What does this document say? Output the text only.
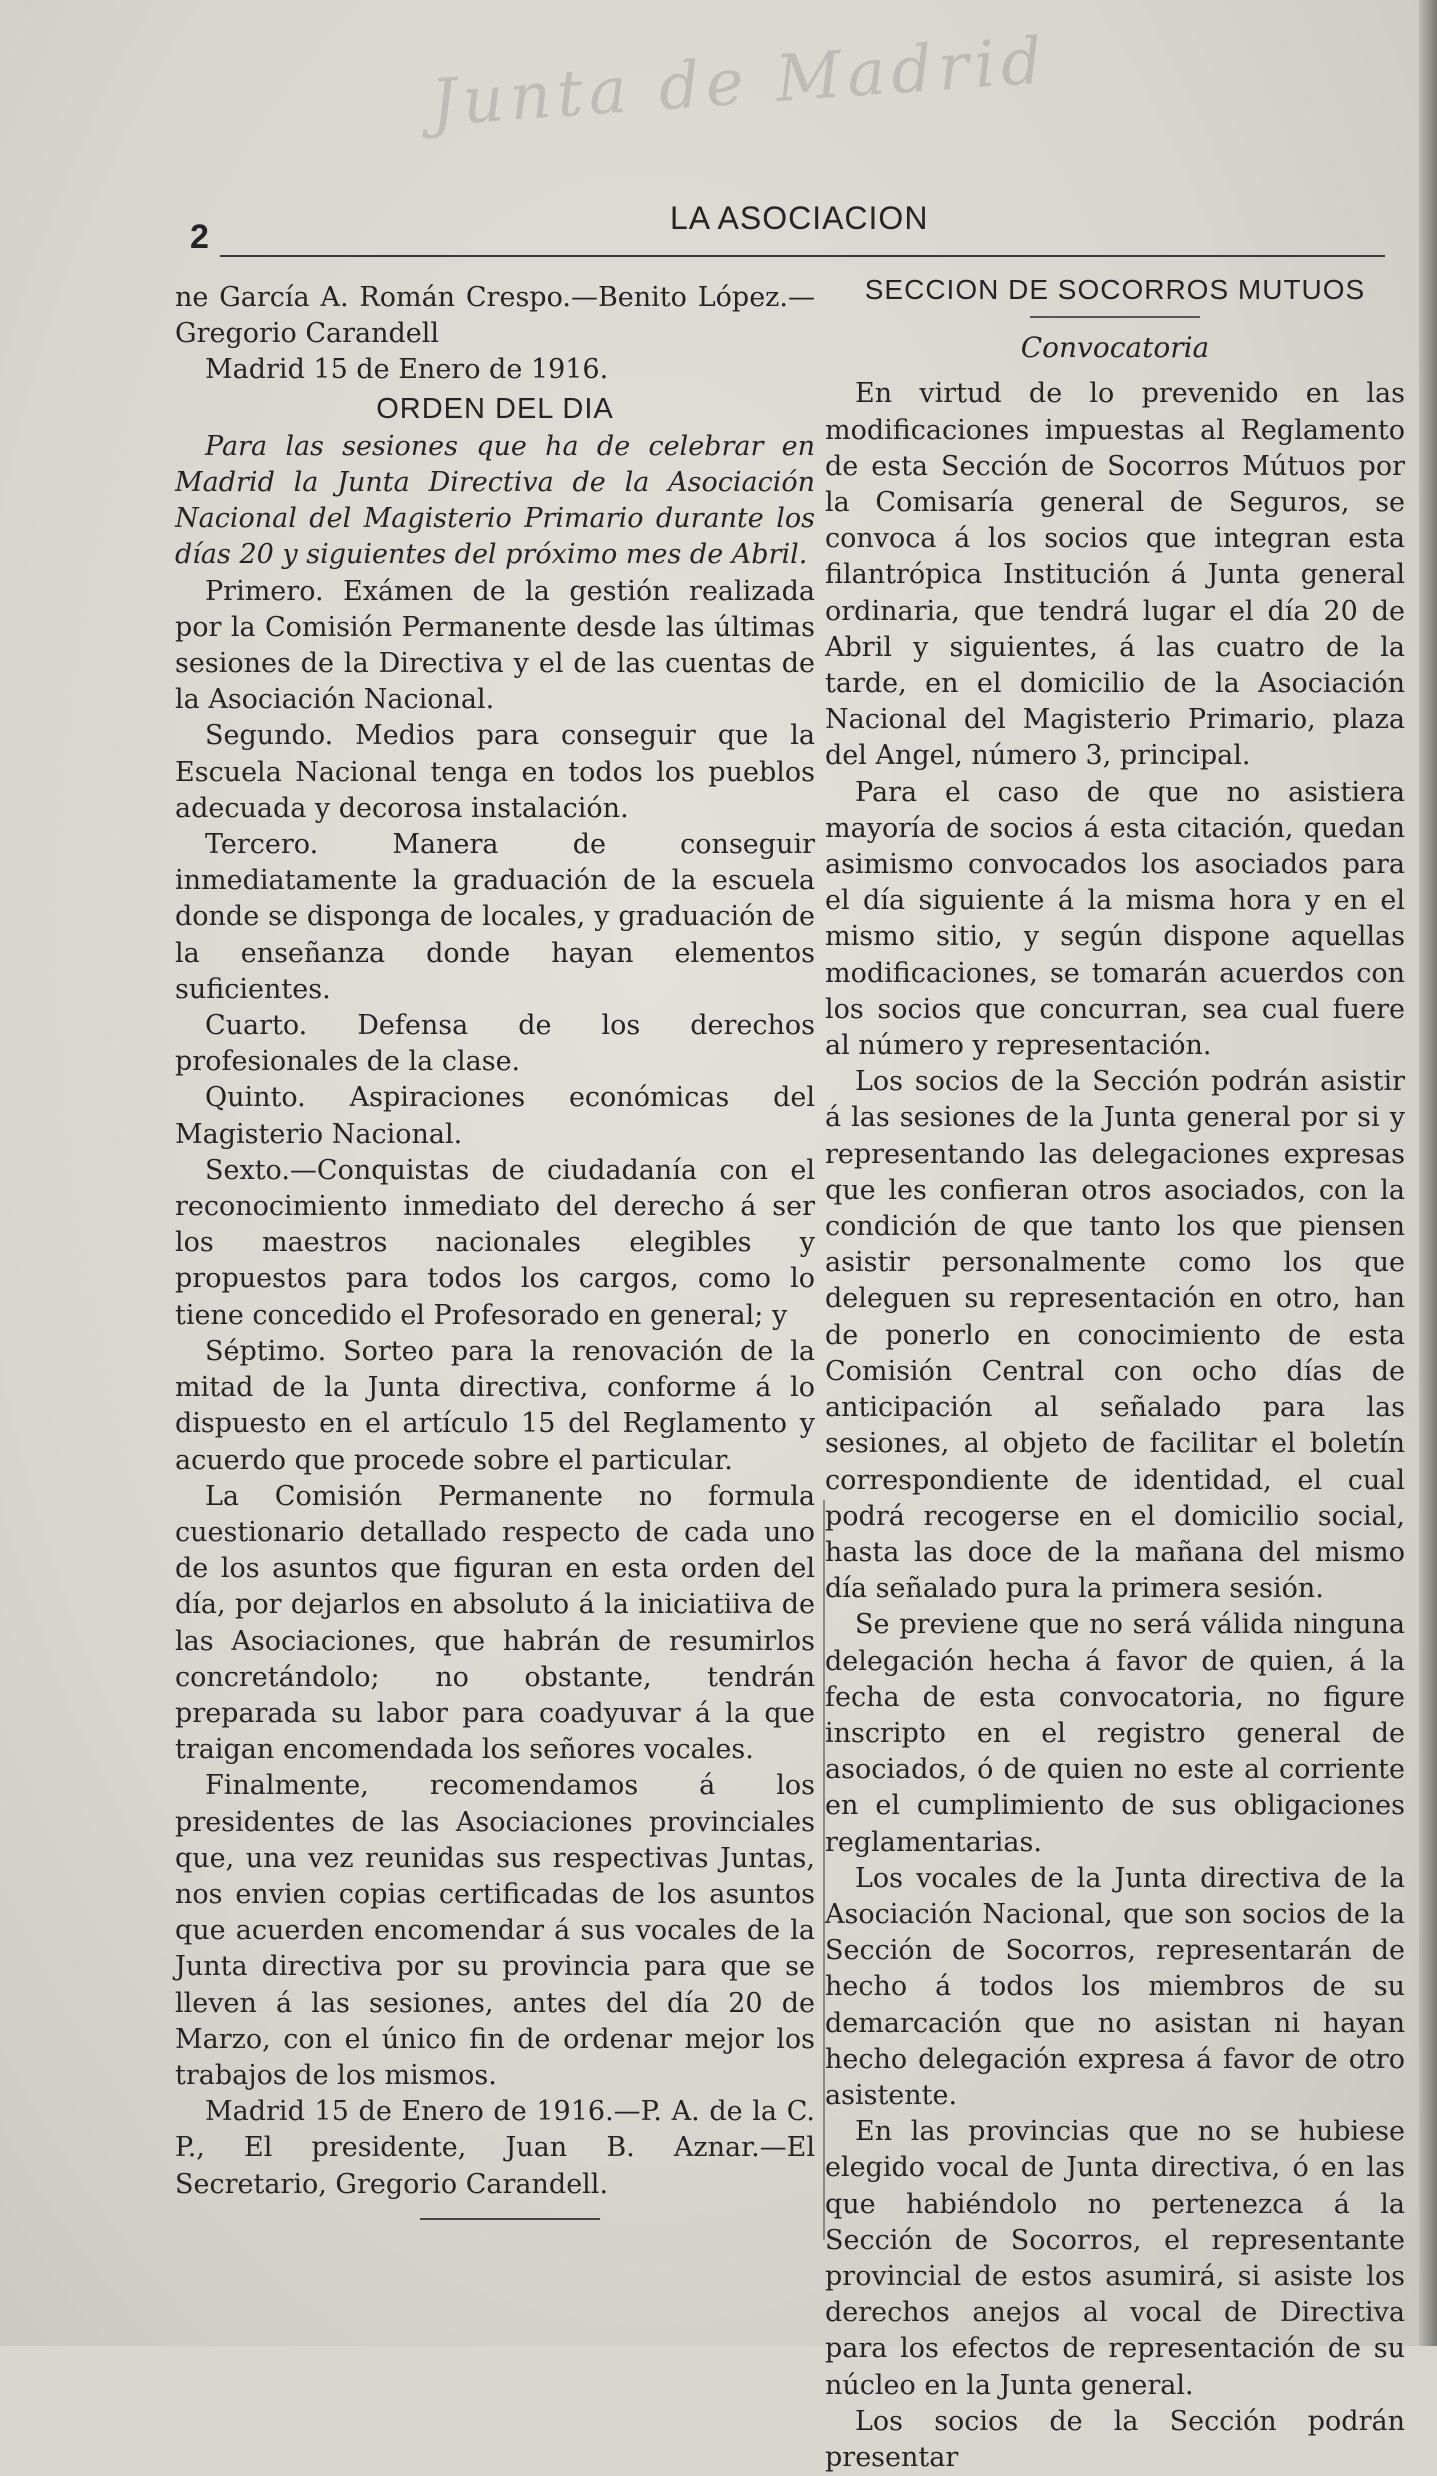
Junta de Madrid
2	LA ASOCIACION

ne García A. Román Crespo.—Benito López.—Gregorio Carandell

Madrid 15 de Enero de 1916.

ORDEN DEL DIA

Para las sesiones que ha de celebrar en Madrid la Junta Directiva de la Asociación Nacional del Magisterio Primario durante los días 20 y siguientes del próximo mes de Abril.

Primero. Exámen de la gestión realizada por la Comisión Permanente desde las últimas sesiones de la Directiva y el de las cuentas de la Asociación Nacional.

Segundo. Medios para conseguir que la Escuela Nacional tenga en todos los pueblos adecuada y decorosa instalación.

Tercero. Manera de conseguir inmediatamente la graduación de la escuela donde se disponga de locales, y graduación de la enseñanza donde hayan elementos suficientes.

Cuarto. Defensa de los derechos profesionales de la clase.

Quinto. Aspiraciones económicas del Magisterio Nacional.

Sexto.—Conquistas de ciudadanía con el reconocimiento inmediato del derecho á ser los maestros nacionales elegibles y propuestos para todos los cargos, como lo tiene concedido el Profesorado en general; y

Séptimo. Sorteo para la renovación de la mitad de la Junta directiva, conforme á lo dispuesto en el artículo 15 del Reglamento y acuerdo que procede sobre el particular.

La Comisión Permanente no formula cuestionario detallado respecto de cada uno de los asuntos que figuran en esta orden del día, por dejarlos en absoluto á la iniciatiiva de las Asociaciones, que habrán de resumirlos concretándolo; no obstante, tendrán preparada su labor para coadyuvar á la que traigan encomendada los señores vocales.

Finalmente, recomendamos á los presidentes de las Asociaciones provinciales que, una vez reunidas sus respectivas Juntas, nos envien copias certificadas de los asuntos que acuerden encomendar á sus vocales de la Junta directiva por su provincia para que se lleven á las sesiones, antes del día 20 de Marzo, con el único fin de ordenar mejor los trabajos de los mismos.

Madrid 15 de Enero de 1916.—P. A. de la C. P., El presidente, Juan B. Aznar.—El Secretario, Gregorio Carandell.

SECCION DE SOCORROS MUTUOS

Convocatoria

En virtud de lo prevenido en las modificaciones impuestas al Reglamento de esta Sección de Socorros Mútuos por la Comisaría general de Seguros, se convoca á los socios que integran esta filantrópica Institución á Junta general ordinaria, que tendrá lugar el día 20 de Abril y siguientes, á las cuatro de la tarde, en el domicilio de la Asociación Nacional del Magisterio Primario, plaza del Angel, número 3, principal.

Para el caso de que no asistiera mayoría de socios á esta citación, quedan asimismo convocados los asociados para el día siguiente á la misma hora y en el mismo sitio, y según dispone aquellas modificaciones, se tomarán acuerdos con los socios que concurran, sea cual fuere al número y representación.

Los socios de la Sección podrán asistir á las sesiones de la Junta general por si y representando las delegaciones expresas que les confieran otros asociados, con la condición de que tanto los que piensen asistir personalmente como los que deleguen su representación en otro, han de ponerlo en conocimiento de esta Comisión Central con ocho días de anticipación al señalado para las sesiones, al objeto de facilitar el boletín correspondiente de identidad, el cual podrá recogerse en el domicilio social, hasta las doce de la mañana del mismo día señalado pura la primera sesión.

Se previene que no será válida ninguna delegación hecha á favor de quien, á la fecha de esta convocatoria, no figure inscripto en el registro general de asociados, ó de quien no este al corriente en el cumplimiento de sus obligaciones reglamentarias.

Los vocales de la Junta directiva de la Asociación Nacional, que son socios de la Sección de Socorros, representarán de hecho á todos los miembros de su demarcación que no asistan ni hayan hecho delegación expresa á favor de otro asistente.

En las provincias que no se hubiese elegido vocal de Junta directiva, ó en las que habiéndolo no pertenezca á la Sección de Socorros, el representante provincial de estos asumirá, si asiste los derechos anejos al vocal de Directiva para los efectos de representación de su núcleo en la Junta general.

Los socios de la Sección podrán presentar
